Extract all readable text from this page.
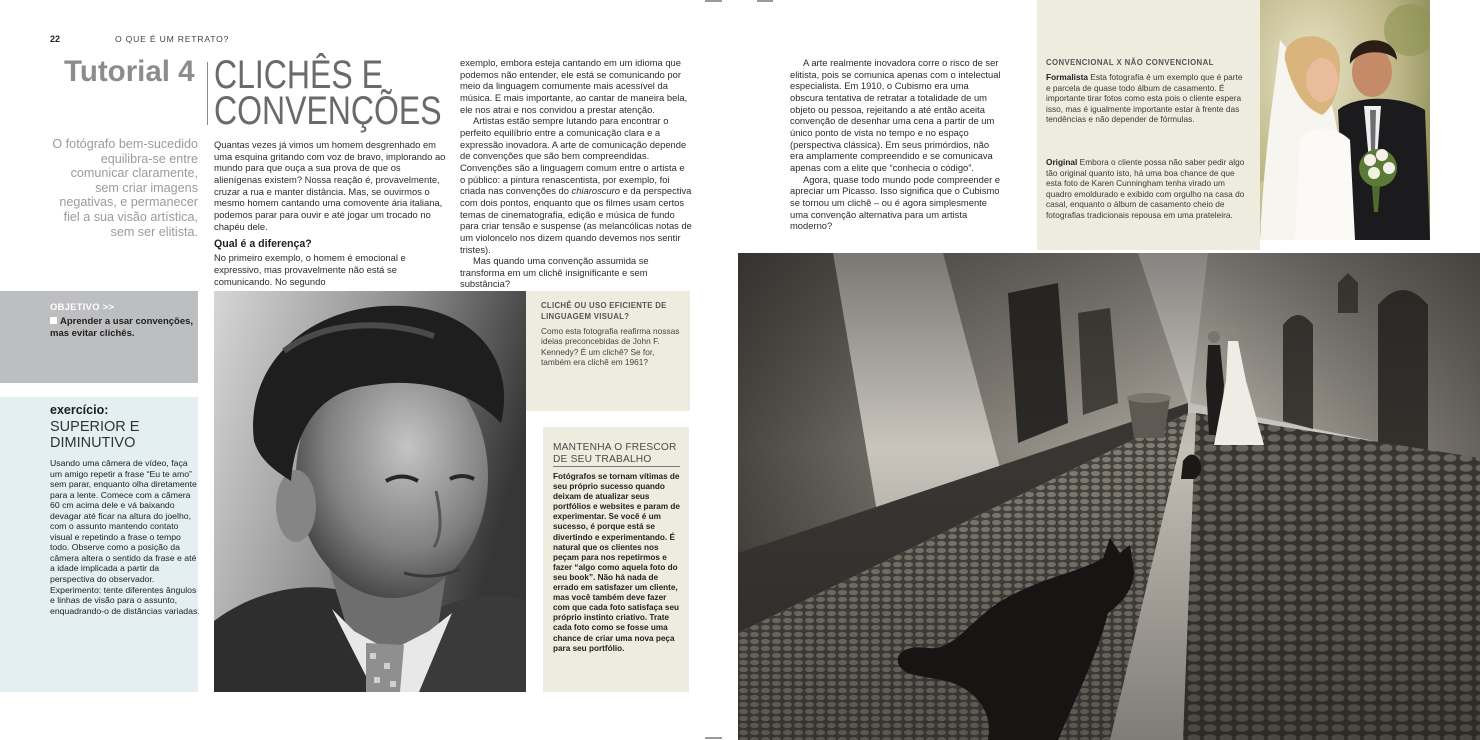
22	O QUE É UM RETRATO?
Tutorial 4 CLICHÊS E
CONVENÇÕES
O fotógrafo bem-sucedido equilibra-se entre comunicar claramente, sem criar imagens negativas, e permanecer fiel a sua visão artística, sem ser elitista.

Quantas vezes já vimos um homem desgrenhado em uma esquina gritando com voz de bravo, implorando ao mundo para que ouça a sua prova de que os alienígenas existem? Nossa reação é, provavelmente, cruzar a rua e manter distância. Mas, se ouvirmos o mesmo homem cantando uma comovente ária italiana, podemos parar para ouvir e até jogar um trocado no chapéu dele.

Qual é a diferença?

No primeiro exemplo, o homem é emocional e expressivo, mas provavelmente não está se comunicando. No segundo

exemplo, embora esteja cantando em um idioma que podemos não entender, ele está se comunicando por meio da linguagem comumente mais acessível da música. E mais importante, ao cantar de maneira bela, ele nos atrai e nos convidou a prestar atenção.

Artistas estão sempre lutando para encontrar o perfeito equilíbrio entre a comunicação clara e a expressão inovadora. A arte de comunicação depende de convenções que são bem compreendidas. Convenções são a linguagem comum entre o artista e o público: a pintura renascentista, por exemplo, foi criada nas convenções do chiaroscuro e da perspectiva com dois pontos, enquanto que os filmes usam certos temas de cinematografia, edição e música de fundo para criar tensão e suspense (as melancólicas notas de um violoncelo nos dizem quando devemos nos sentir tristes).

Mas quando uma convenção assumida se transforma em um clichê insignificante e sem substância?

OBJETIVO >>
Aprender a usar convenções, mas evitar clichês.
exercício:
SUPERIOR E DIMINUTIVO
Usando uma câmera de vídeo, faça um amigo repetir a frase “Eu te amo” sem parar, enquanto olha diretamente para a lente. Comece com a câmera 60 cm acima dele e vá baixando devagar até ficar na altura do joelho, com o assunto mantendo contato visual e repetindo a frase o tempo todo. Observe como a posição da câmera altera o sentido da frase e até a idade implicada a partir da perspectiva do observador. Experimento: tente diferentes ângulos e linhas de visão para o assunto, enquadrando-o de distâncias variadas.
CLICHÊ OU USO EFICIENTE DE LINGUAGEM VISUAL?
Como esta fotografia reafirma nossas ideias preconcebidas de John F. Kennedy? É um clichê? Se for, também era clichê em 1961?
MANTENHA O FRESCOR
DE SEU TRABALHO
Fotógrafos se tornam vítimas de seu próprio sucesso quando deixam de atualizar seus portfólios e websites e param de experimentar. Se você é um sucesso, é porque está se divertindo e experimentando. É natural que os clientes nos peçam para nos repetirmos e fazer “algo como aquela foto do seu book”. Não há nada de errado em satisfazer um cliente, mas você também deve fazer com que cada foto satisfaça seu próprio instinto criativo. Trate cada foto como se fosse uma chance de criar uma nova peça para seu portfólio.

A arte realmente inovadora corre o risco de ser elitista, pois se comunica apenas com o intelectual especialista. Em 1910, o Cubismo era uma obscura tentativa de retratar a totalidade de um objeto ou pessoa, rejeitando a até então aceita convenção de desenhar uma cena a partir de um único ponto de vista no tempo e no espaço (perspectiva clássica). Em seus primórdios, não era amplamente compreendido e se comunicava apenas com a elite que “conhecia o código”.

Agora, quase todo mundo pode compreender e apreciar um Picasso. Isso significa que o Cubismo se tornou um clichê – ou é agora simplesmente uma convenção alternativa para um artista moderno?

CONVENCIONAL X NÃO CONVENCIONAL

Formalista Esta fotografia é um exemplo que é parte e parcela de quase todo álbum de casamento. É importante tirar fotos como esta pois o cliente espera isso, mas é igualmente importante estar à frente das tendências e não depender de fórmulas.

Original Embora o cliente possa não saber pedir algo tão original quanto isto, há uma boa chance de que esta foto de Karen Cunningham tenha virado um quadro emoldurado e exibido com orgulho na casa do casal, enquanto o álbum de casamento cheio de fotografias tradicionais repousa em uma prateleira.
